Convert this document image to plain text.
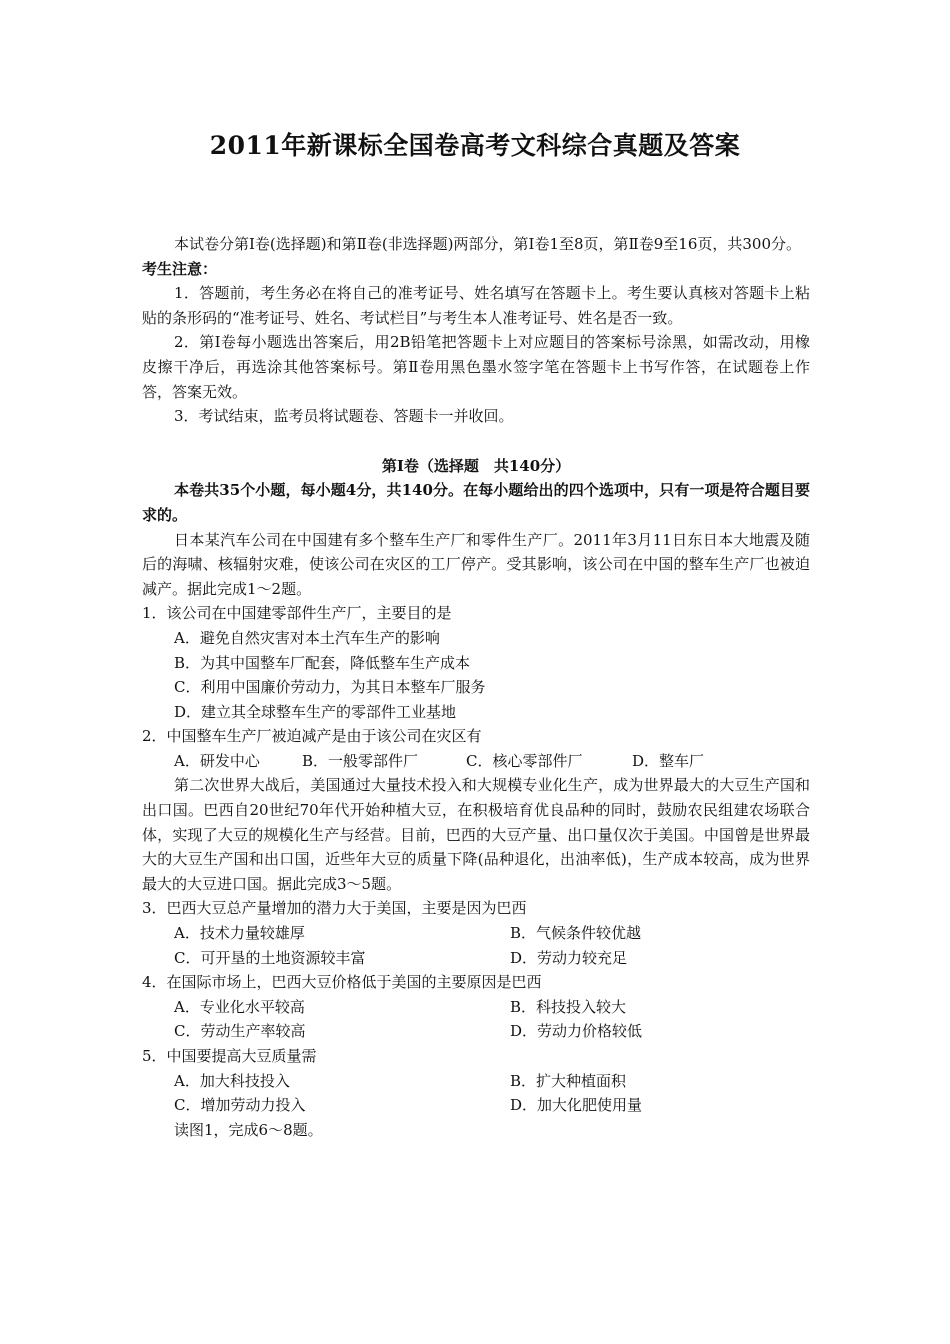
2011年新课标全国卷高考文科综合真题及答案

本试卷分第Ⅰ卷(选择题)和第Ⅱ卷(非选择题)两部分，第Ⅰ卷1至8页，第Ⅱ卷9至16页，共300分。

考生注意：

1．答题前，考生务必在将自己的准考证号、姓名填写在答题卡上。考生要认真核对答题卡上粘贴的条形码的“准考证号、姓名、考试栏目”与考生本人准考证号、姓名是否一致。

2．第Ⅰ卷每小题选出答案后，用2B铅笔把答题卡上对应题目的答案标号涂黑，如需改动，用橡皮擦干净后，再选涂其他答案标号。第Ⅱ卷用黑色墨水签字笔在答题卡上书写作答，在试题卷上作答，答案无效。

3．考试结束，监考员将试题卷、答题卡一并收回。

第Ⅰ卷（选择题　共140分）

本卷共35个小题，每小题4分，共140分。在每小题给出的四个选项中，只有一项是符合题目要求的。

日本某汽车公司在中国建有多个整车生产厂和零件生产厂。2011年3月11日东日本大地震及随后的海啸、核辐射灾难，使该公司在灾区的工厂停产。受其影响，该公司在中国的整车生产厂也被迫减产。据此完成1～2题。

1．该公司在中国建零部件生产厂，主要目的是

A．避免自然灾害对本土汽车生产的影响

B．为其中国整车厂配套，降低整车生产成本

C．利用中国廉价劳动力，为其日本整车厂服务

D．建立其全球整车生产的零部件工业基地

2．中国整车生产厂被迫减产是由于该公司在灾区有

A．研发中心	B．一般零部件厂	C．核心零部件厂	D．整车厂

第二次世界大战后，美国通过大量技术投入和大规模专业化生产，成为世界最大的大豆生产国和出口国。巴西自20世纪70年代开始种植大豆，在积极培育优良品种的同时，鼓励农民组建农场联合体，实现了大豆的规模化生产与经营。目前，巴西的大豆产量、出口量仅次于美国。中国曾是世界最大的大豆生产国和出口国，近些年大豆的质量下降(品种退化，出油率低)，生产成本较高，成为世界最大的大豆进口国。据此完成3～5题。

3．巴西大豆总产量增加的潜力大于美国，主要是因为巴西

A．技术力量较雄厚	B．气候条件较优越
C．可开垦的土地资源较丰富	D．劳动力较充足

4．在国际市场上，巴西大豆价格低于美国的主要原因是巴西

A．专业化水平较高	B．科技投入较大
C．劳动生产率较高	D．劳动力价格较低

5．中国要提高大豆质量需

A．加大科技投入	B．扩大种植面积
C．增加劳动力投入	D．加大化肥使用量

读图1，完成6～8题。
